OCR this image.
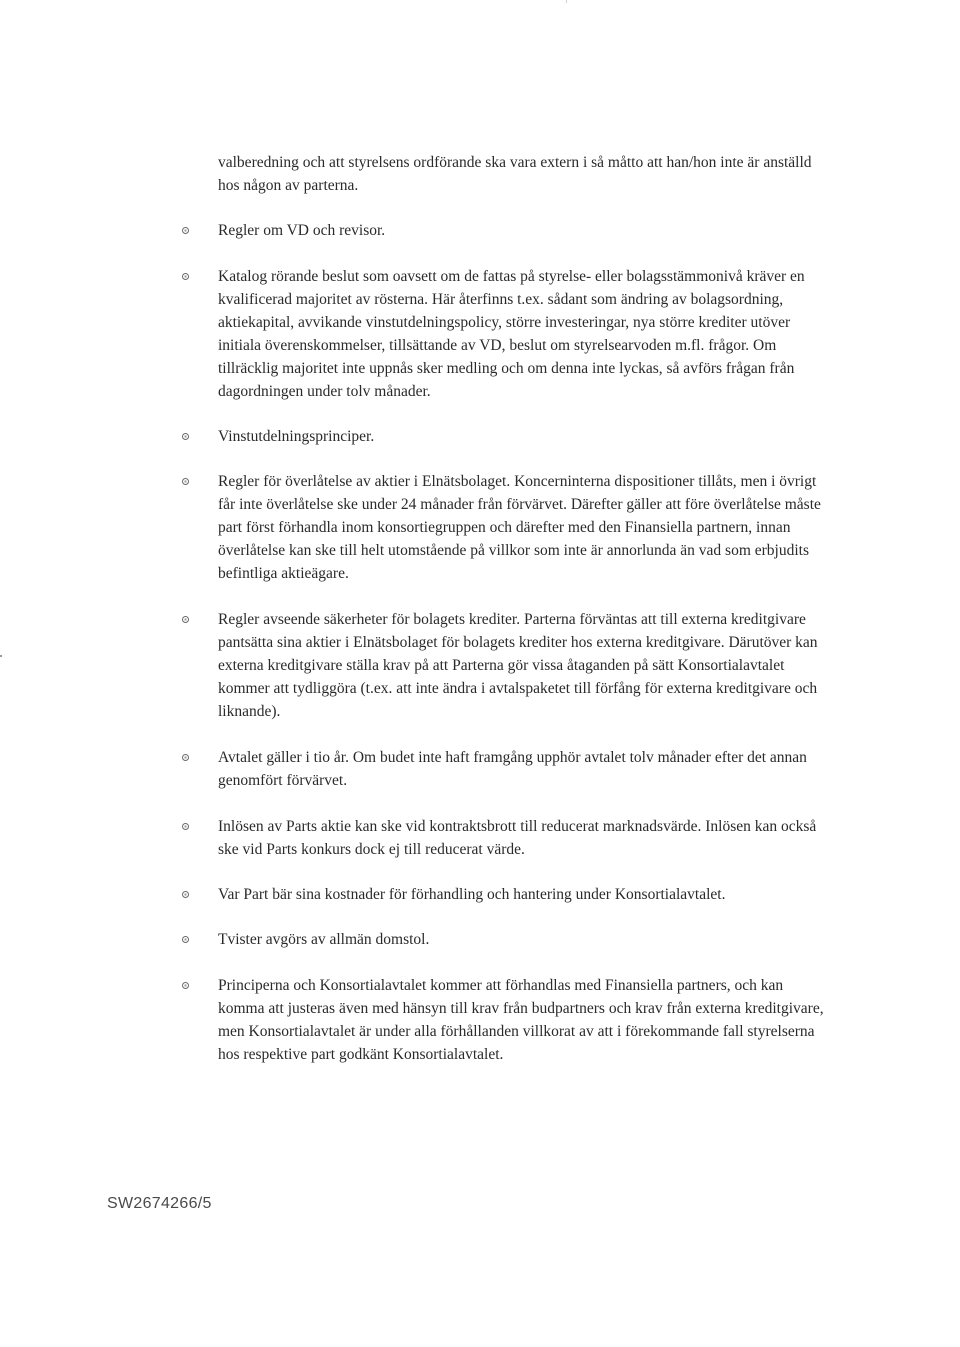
valberedning och att styrelsens ordförande ska vara extern i så måtto att han/hon inte är anställd hos någon av parterna.

Regler om VD och revisor.
Katalog rörande beslut som oavsett om de fattas på styrelse- eller bolagsstämmonivå kräver en kvalificerad majoritet av rösterna. Här återfinns t.ex. sådant som ändring av bolagsordning, aktiekapital, avvikande vinstutdelningspolicy, större investeringar, nya större krediter utöver initiala överenskommelser, tillsättande av VD, beslut om styrelsearvoden m.fl. frågor. Om tillräcklig majoritet inte uppnås sker medling och om denna inte lyckas, så avförs frågan från dagordningen under tolv månader.
Vinstutdelningsprinciper.
Regler för överlåtelse av aktier i Elnätsbolaget. Koncerninterna dispositioner tillåts, men i övrigt får inte överlåtelse ske under 24 månader från förvärvet. Därefter gäller att före överlåtelse måste part först förhandla inom konsortiegruppen och därefter med den Finansiella partnern, innan överlåtelse kan ske till helt utomstående på villkor som inte är annorlunda än vad som erbjudits befintliga aktieägare.
Regler avseende säkerheter för bolagets krediter. Parterna förväntas att till externa kreditgivare pantsätta sina aktier i Elnätsbolaget för bolagets krediter hos externa kreditgivare. Därutöver kan externa kreditgivare ställa krav på att Parterna gör vissa åtaganden på sätt Konsortialavtalet kommer att tydliggöra (t.ex. att inte ändra i avtalspaketet till förfång för externa kreditgivare och liknande).
Avtalet gäller i tio år. Om budet inte haft framgång upphör avtalet tolv månader efter det annan genomfört förvärvet.
Inlösen av Parts aktie kan ske vid kontraktsbrott till reducerat marknadsvärde. Inlösen kan också ske vid Parts konkurs dock ej till reducerat värde.
Var Part bär sina kostnader för förhandling och hantering under Konsortialavtalet.
Tvister avgörs av allmän domstol.
Principerna och Konsortialavtalet kommer att förhandlas med Finansiella partners, och kan komma att justeras även med hänsyn till krav från budpartners och krav från externa kreditgivare, men Konsortialavtalet är under alla förhållanden villkorat av att i förekommande fall styrelserna hos respektive part godkänt Konsortialavtalet.
SW2674266/5
